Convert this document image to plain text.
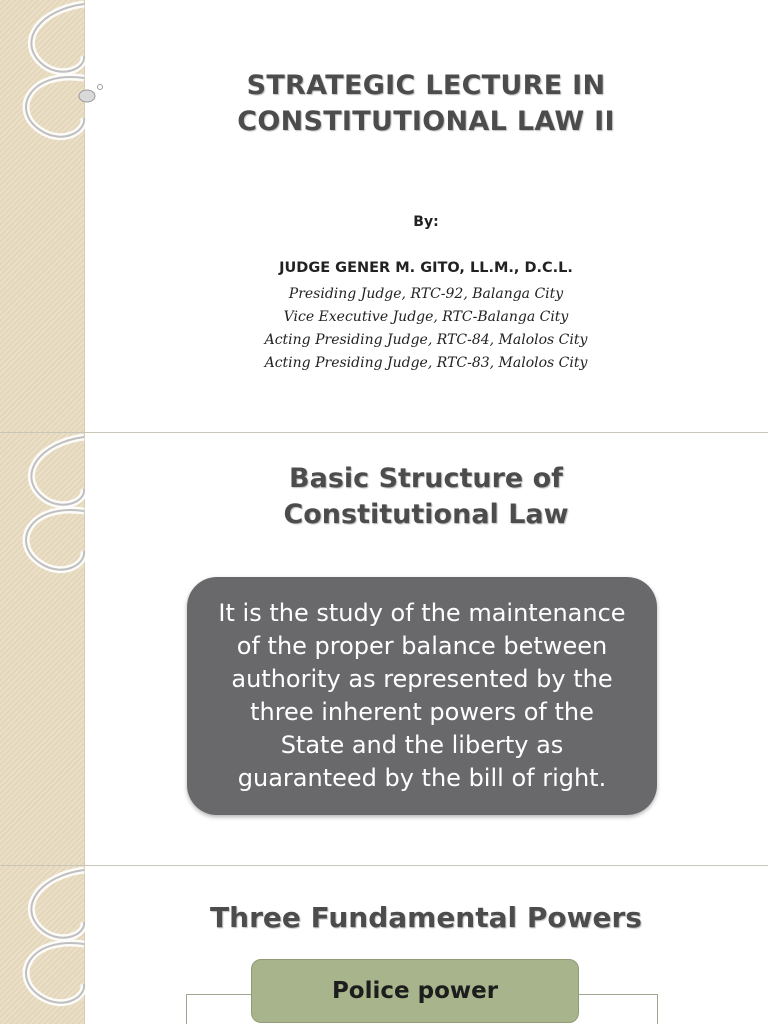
STRATEGIC LECTURE IN
CONSTITUTIONAL LAW II
By:
JUDGE GENER M. GITO, LL.M., D.C.L.
Presiding Judge, RTC-92, Balanga City
Vice Executive Judge, RTC-Balanga City
Acting Presiding Judge, RTC-84, Malolos City
Acting Presiding Judge, RTC-83, Malolos City
Basic Structure of
Constitutional Law
It is the study of the maintenance
of the proper balance between
authority as represented by the
three inherent powers of the
State and the liberty as
guaranteed by the bill of right.
Three Fundamental Powers
Police power
